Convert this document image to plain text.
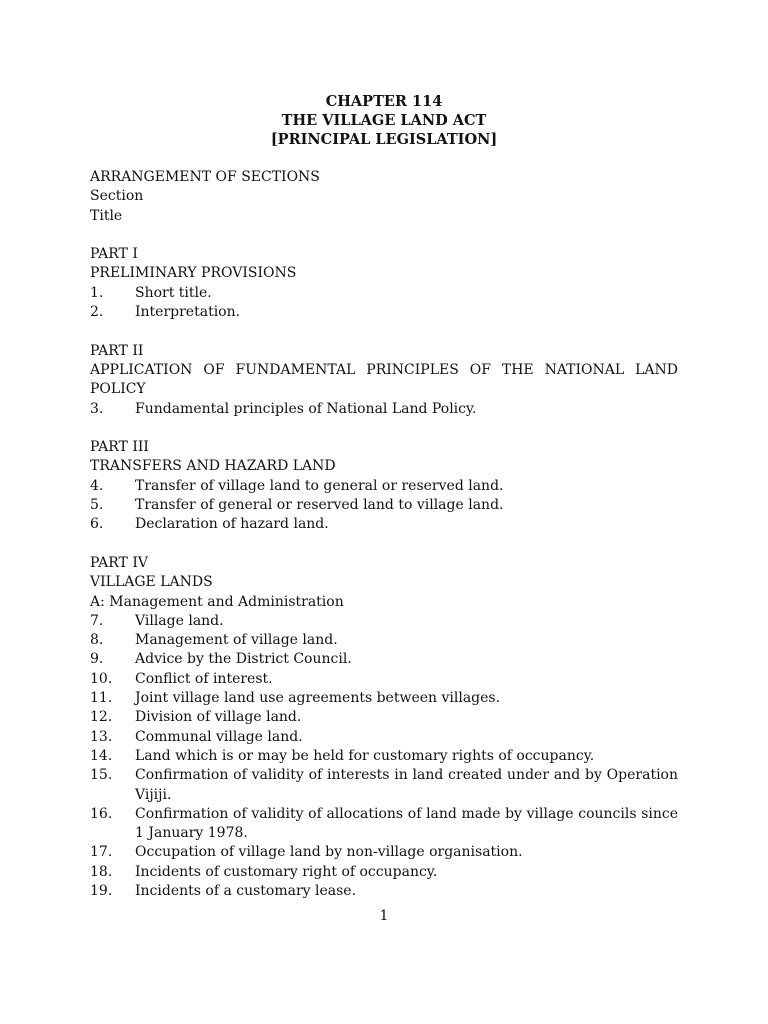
CHAPTER 114
THE VILLAGE LAND ACT
[PRINCIPAL LEGISLATION]
ARRANGEMENT OF SECTIONS
Section
Title
PART I
PRELIMINARY PROVISIONS
1.	Short title.
2.	Interpretation.
PART II
APPLICATION OF FUNDAMENTAL PRINCIPLES OF THE NATIONAL LAND
POLICY
3.	Fundamental principles of National Land Policy.
PART III
TRANSFERS AND HAZARD LAND
4.	Transfer of village land to general or reserved land.
5.	Transfer of general or reserved land to village land.
6.	Declaration of hazard land.
PART IV
VILLAGE LANDS
A: Management and Administration
7.	Village land.
8.	Management of village land.
9.	Advice by the District Council.
10.	Conflict of interest.
11.	Joint village land use agreements between villages.
12.	Division of village land.
13.	Communal village land.
14.	Land which is or may be held for customary rights of occupancy.
15.	Confirmation of validity of interests in land created under and by Operation Vijiji.
16.	Confirmation of validity of allocations of land made by village councils since 1 January 1978.
17.	Occupation of village land by non-village organisation.
18.	Incidents of customary right of occupancy.
19.	Incidents of a customary lease.
1
